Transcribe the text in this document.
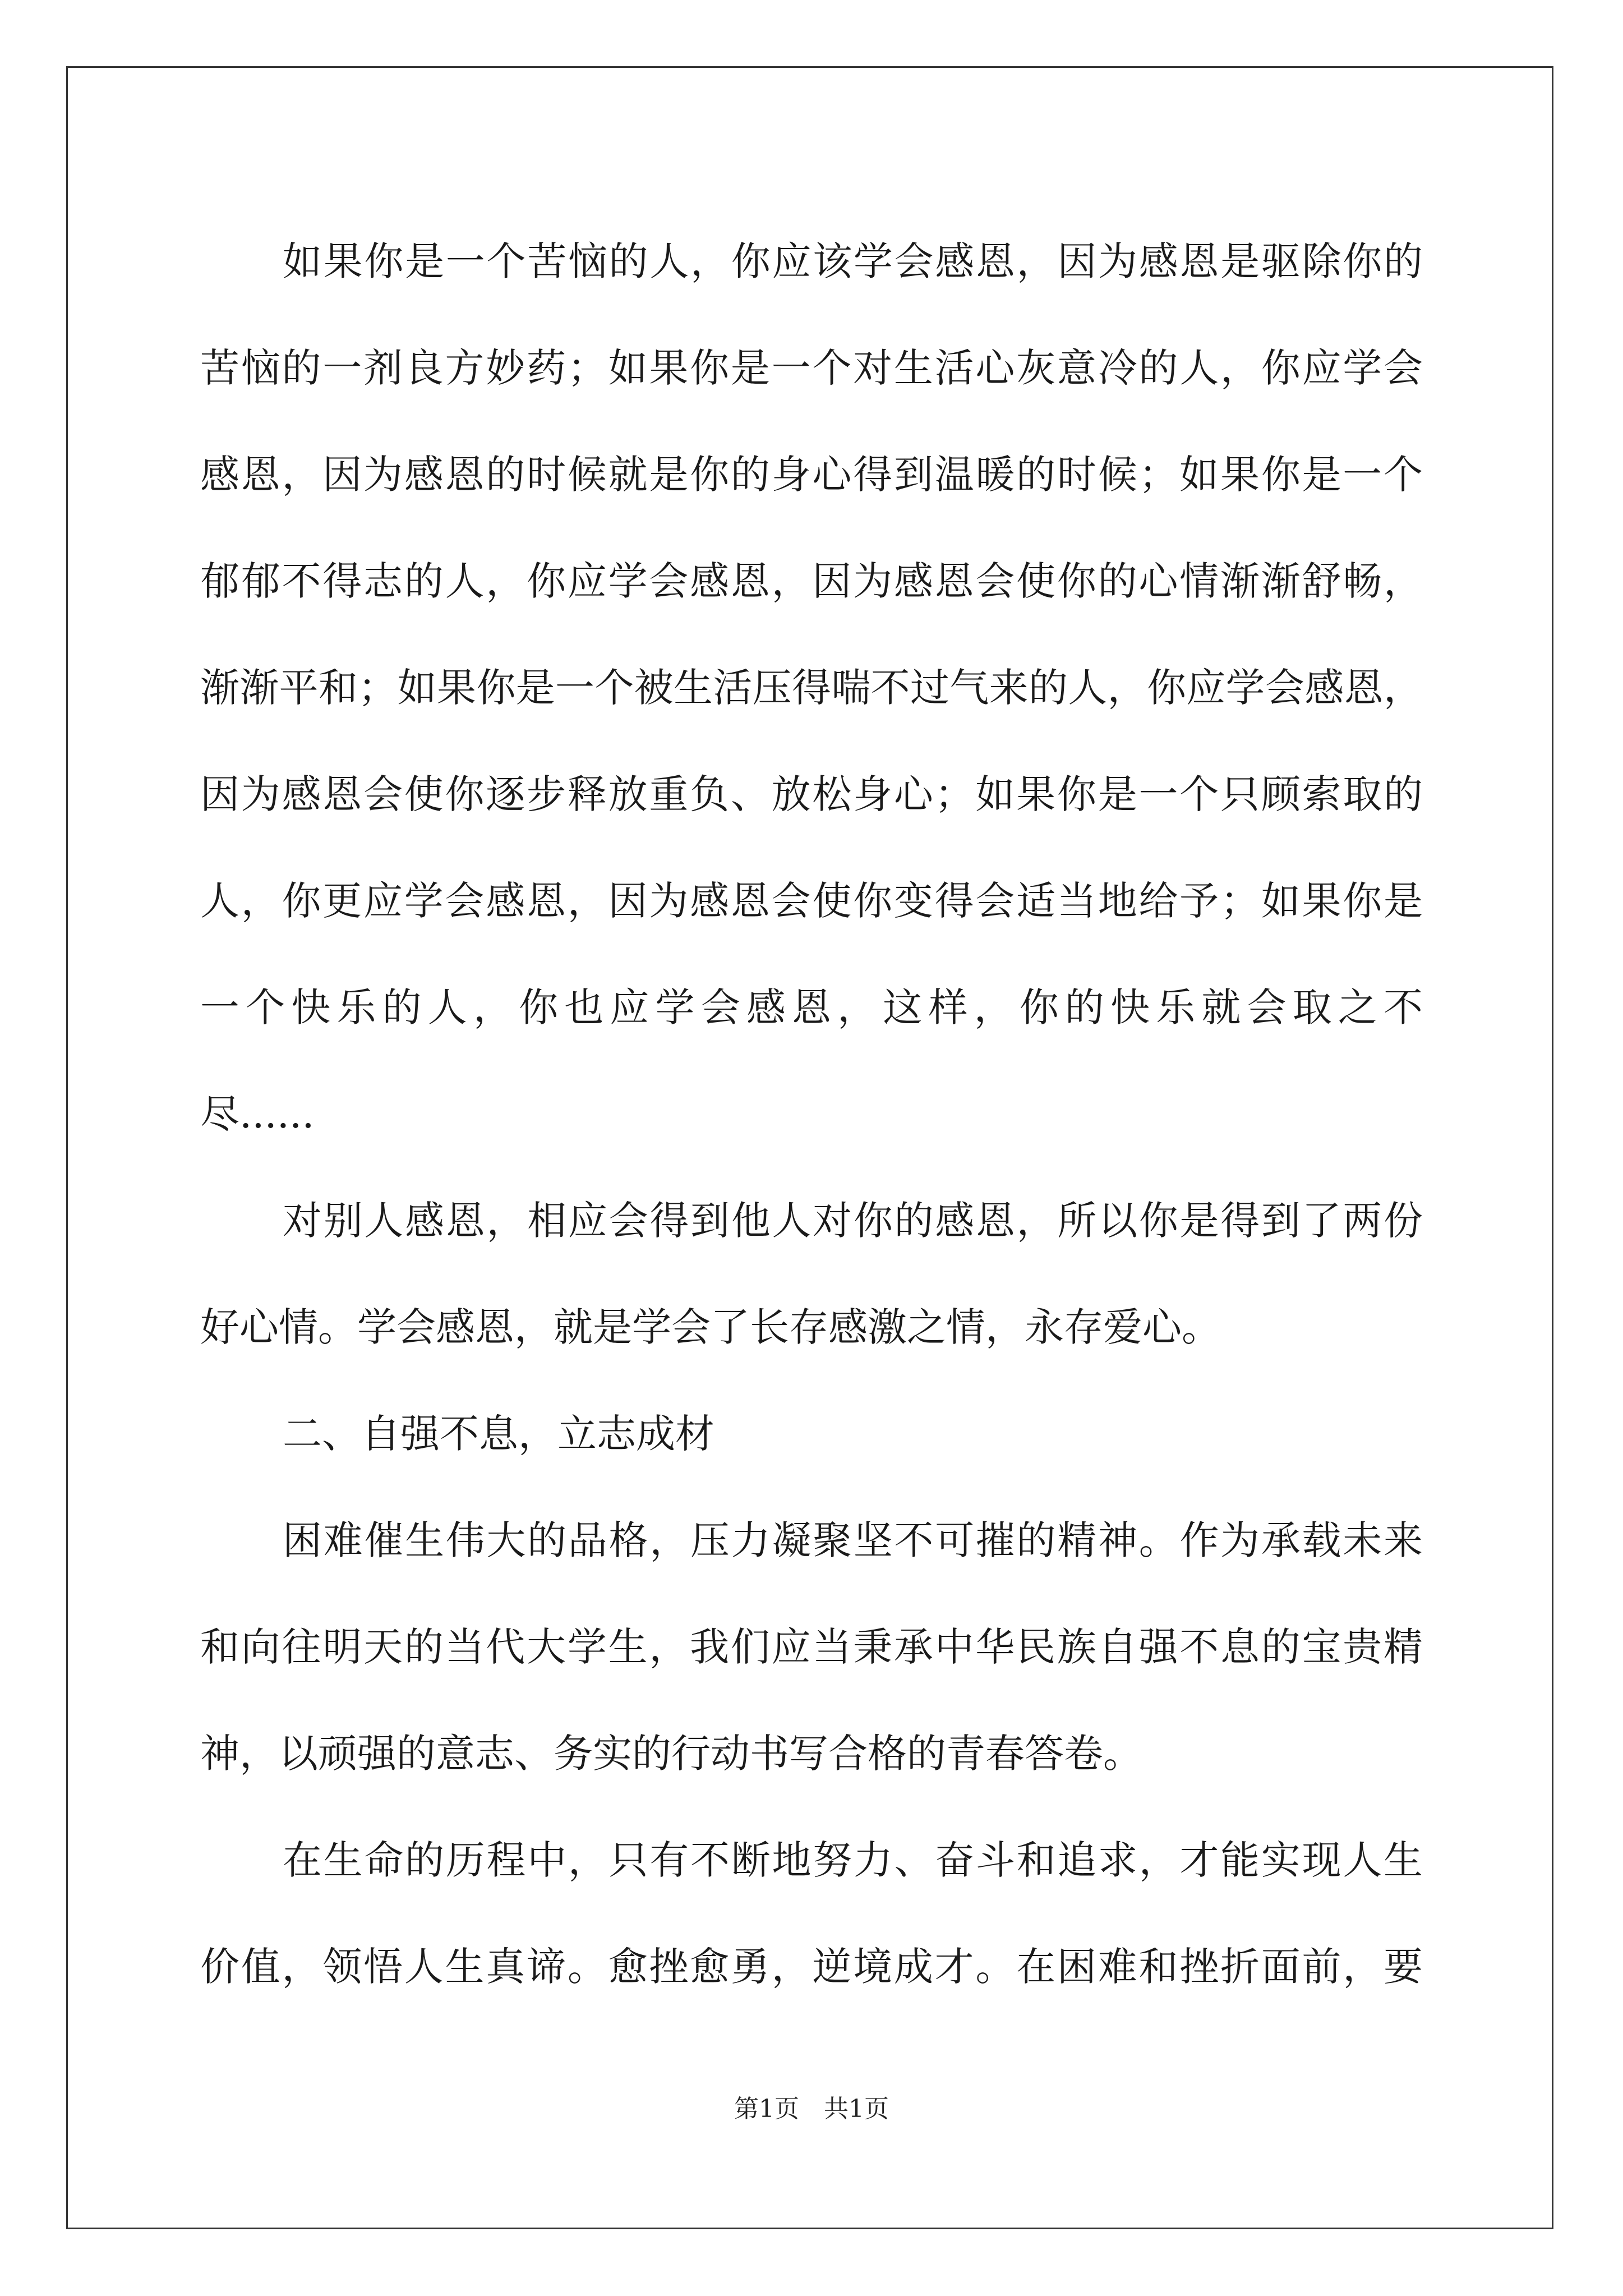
如果你是一个苦恼的人，你应该学会感恩，因为感恩是驱除你的
苦恼的一剂良方妙药；如果你是一个对生活心灰意冷的人，你应学会
感恩，因为感恩的时候就是你的身心得到温暖的时候；如果你是一个
郁郁不得志的人，你应学会感恩，因为感恩会使你的心情渐渐舒畅，
渐渐平和；如果你是一个被生活压得喘不过气来的人，你应学会感恩，
因为感恩会使你逐步释放重负、放松身心；如果你是一个只顾索取的
人，你更应学会感恩，因为感恩会使你变得会适当地给予；如果你是
一个快乐的人，你也应学会感恩，这样，你的快乐就会取之不
尽......
对别人感恩，相应会得到他人对你的感恩，所以你是得到了两份
好心情。学会感恩，就是学会了长存感激之情，永存爱心。
二、自强不息，立志成材
困难催生伟大的品格，压力凝聚坚不可摧的精神。作为承载未来
和向往明天的当代大学生，我们应当秉承中华民族自强不息的宝贵精
神，以顽强的意志、务实的行动书写合格的青春答卷。
在生命的历程中，只有不断地努力、奋斗和追求，才能实现人生
价值，领悟人生真谛。愈挫愈勇，逆境成才。在困难和挫折面前，要
第1页　共1页
